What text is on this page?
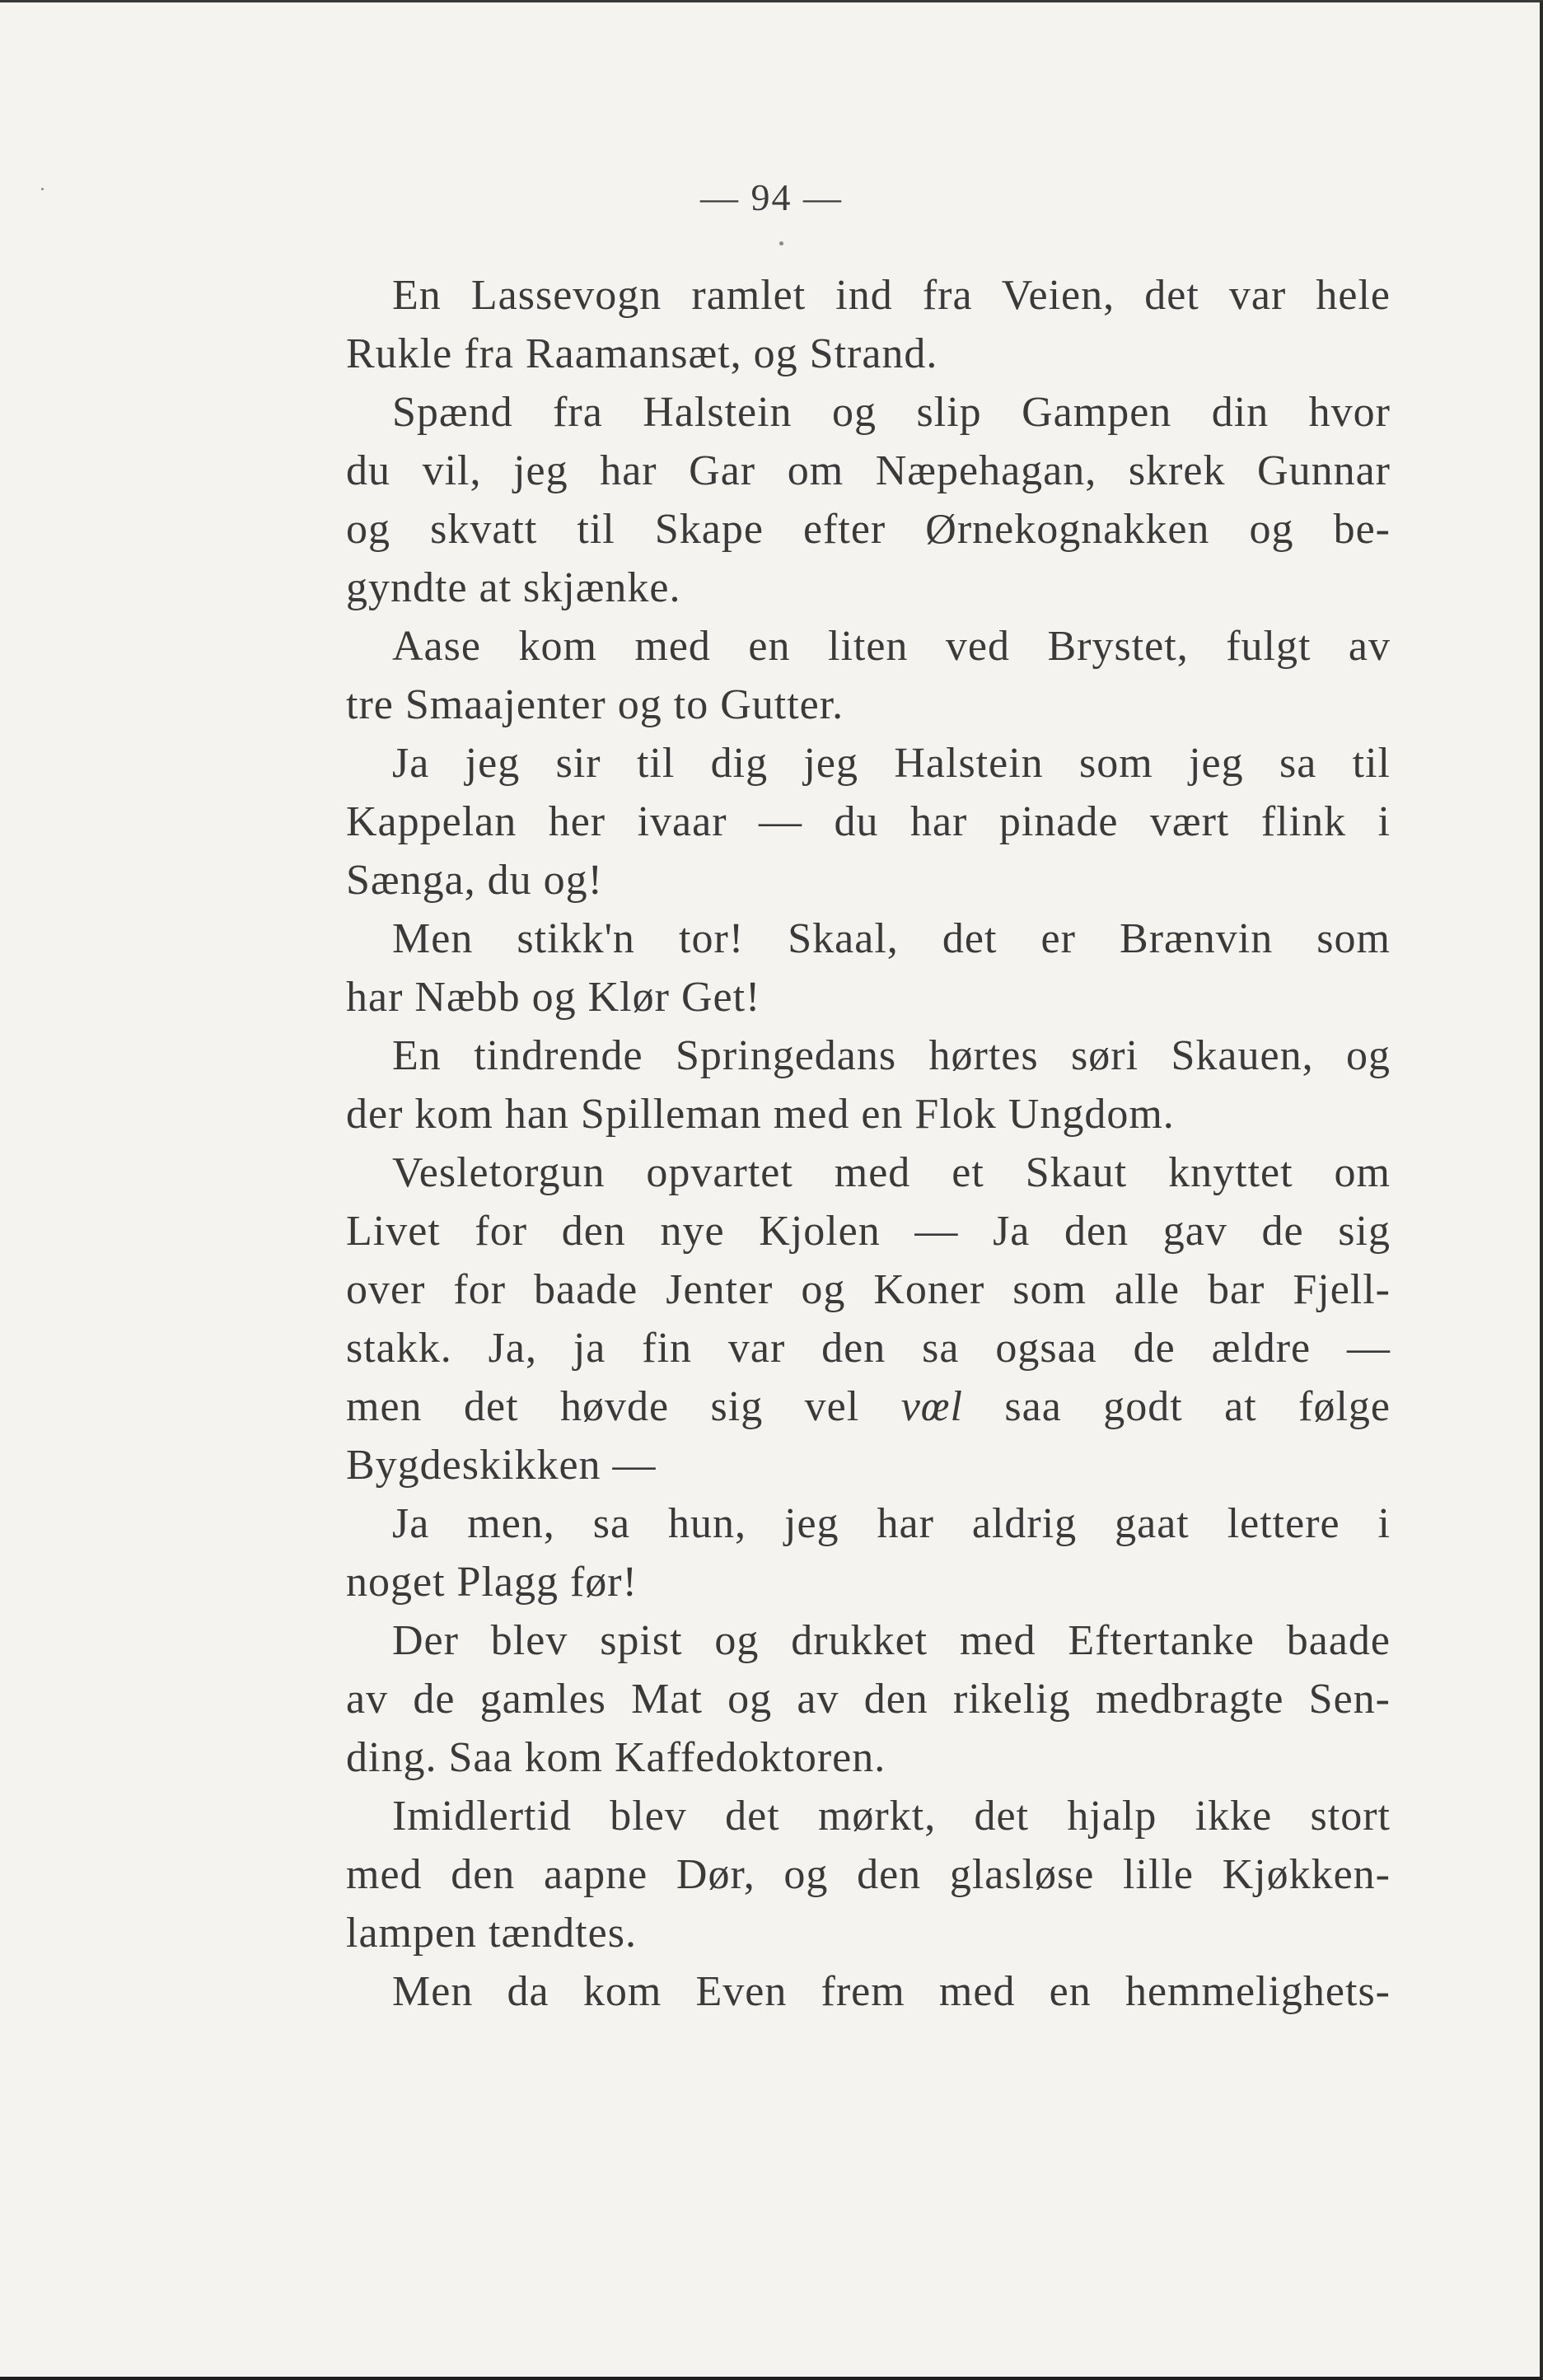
— 94 —
En Lassevogn ramlet ind fra Veien, det var hele
Rukle fra Raamansæt, og Strand.
Spænd fra Halstein og slip Gampen din hvor
du vil, jeg har Gar om Næpehagan, skrek Gunnar
og skvatt til Skape efter Ørnekognakken og be-
gyndte at skjænke.
Aase kom med en liten ved Brystet, fulgt av
tre Smaajenter og to Gutter.
Ja jeg sir til dig jeg Halstein som jeg sa til
Kappelan her ivaar — du har pinade vært flink i
Sænga, du og!
Men stikk'n tor! Skaal, det er Brænvin som
har Næbb og Klør Get!
En tindrende Springedans hørtes søri Skauen, og
der kom han Spilleman med en Flok Ungdom.
Vesletorgun opvartet med et Skaut knyttet om
Livet for den nye Kjolen — Ja den gav de sig
over for baade Jenter og Koner som alle bar Fjell-
stakk. Ja, ja fin var den sa ogsaa de ældre —
men det høvde sig vel vœl saa godt at følge
Bygdeskikken —
Ja men, sa hun, jeg har aldrig gaat lettere i
noget Plagg før!
Der blev spist og drukket med Eftertanke baade
av de gamles Mat og av den rikelig medbragte Sen-
ding. Saa kom Kaffedoktoren.
Imidlertid blev det mørkt, det hjalp ikke stort
med den aapne Dør, og den glasløse lille Kjøkken-
lampen tændtes.
Men da kom Even frem med en hemmelighets-
